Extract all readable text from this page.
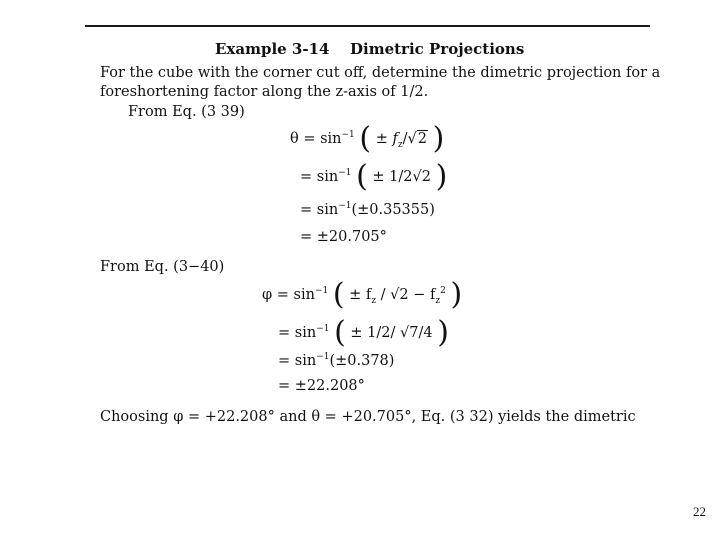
Example 3-14 Dimetric Projections
For the cube with the corner cut off, determine the dimetric projection for a
foreshortening factor along the z-axis of 1/2.
From Eq. (3 39)
$\theta = \sin^{-1}$ ( ± $f_z/√2$ )
= $\sin^{-1}$ ( ± 1/2√2 )
= $\sin^{-1}(\pm 0.35355)$
= ±20.705°
From Eq. (3−40)
$\varphi = \sin^{-1}$ ( ± $f_z / √2 - f_z^2$ )
= $\sin^{-1}$ ( ± 1/2/ √7/4 )
= $\sin^{-1}(\pm 0.378)$
= ±22.208°
Choosing φ = +22.208° and θ = +20.705°, Eq. (3 32) yields the dimetric
22
